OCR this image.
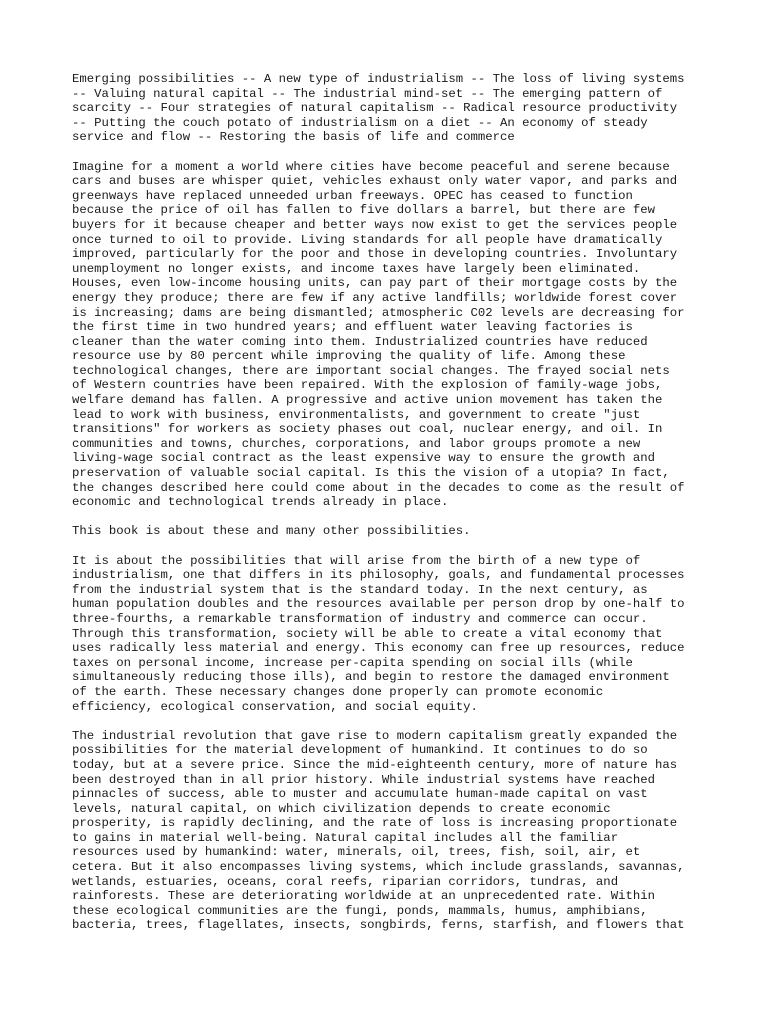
Emerging possibilities -- A new type of industrialism -- The loss of living systems
-- Valuing natural capital -- The industrial mind-set -- The emerging pattern of
scarcity -- Four strategies of natural capitalism -- Radical resource productivity
-- Putting the couch potato of industrialism on a diet -- An economy of steady
service and flow -- Restoring the basis of life and commerce
Imagine for a moment a world where cities have become peaceful and serene because
cars and buses are whisper quiet, vehicles exhaust only water vapor, and parks and
greenways have replaced unneeded urban freeways. OPEC has ceased to function
because the price of oil has fallen to five dollars a barrel, but there are few
buyers for it because cheaper and better ways now exist to get the services people
once turned to oil to provide. Living standards for all people have dramatically
improved, particularly for the poor and those in developing countries. Involuntary
unemployment no longer exists, and income taxes have largely been eliminated.
Houses, even low-income housing units, can pay part of their mortgage costs by the
energy they produce; there are few if any active landfills; worldwide forest cover
is increasing; dams are being dismantled; atmospheric C02 levels are decreasing for
the first time in two hundred years; and effluent water leaving factories is
cleaner than the water coming into them. Industrialized countries have reduced
resource use by 80 percent while improving the quality of life. Among these
technological changes, there are important social changes. The frayed social nets
of Western countries have been repaired. With the explosion of family-wage jobs,
welfare demand has fallen. A progressive and active union movement has taken the
lead to work with business, environmentalists, and government to create "just
transitions" for workers as society phases out coal, nuclear energy, and oil. In
communities and towns, churches, corporations, and labor groups promote a new
living-wage social contract as the least expensive way to ensure the growth and
preservation of valuable social capital. Is this the vision of a utopia? In fact,
the changes described here could come about in the decades to come as the result of
economic and technological trends already in place.
This book is about these and many other possibilities.
It is about the possibilities that will arise from the birth of a new type of
industrialism, one that differs in its philosophy, goals, and fundamental processes
from the industrial system that is the standard today. In the next century, as
human population doubles and the resources available per person drop by one-half to
three-fourths, a remarkable transformation of industry and commerce can occur.
Through this transformation, society will be able to create a vital economy that
uses radically less material and energy. This economy can free up resources, reduce
taxes on personal income, increase per-capita spending on social ills (while
simultaneously reducing those ills), and begin to restore the damaged environment
of the earth. These necessary changes done properly can promote economic
efficiency, ecological conservation, and social equity.
The industrial revolution that gave rise to modern capitalism greatly expanded the
possibilities for the material development of humankind. It continues to do so
today, but at a severe price. Since the mid-eighteenth century, more of nature has
been destroyed than in all prior history. While industrial systems have reached
pinnacles of success, able to muster and accumulate human-made capital on vast
levels, natural capital, on which civilization depends to create economic
prosperity, is rapidly declining, and the rate of loss is increasing proportionate
to gains in material well-being. Natural capital includes all the familiar
resources used by humankind: water, minerals, oil, trees, fish, soil, air, et
cetera. But it also encompasses living systems, which include grasslands, savannas,
wetlands, estuaries, oceans, coral reefs, riparian corridors, tundras, and
rainforests. These are deteriorating worldwide at an unprecedented rate. Within
these ecological communities are the fungi, ponds, mammals, humus, amphibians,
bacteria, trees, flagellates, insects, songbirds, ferns, starfish, and flowers that
